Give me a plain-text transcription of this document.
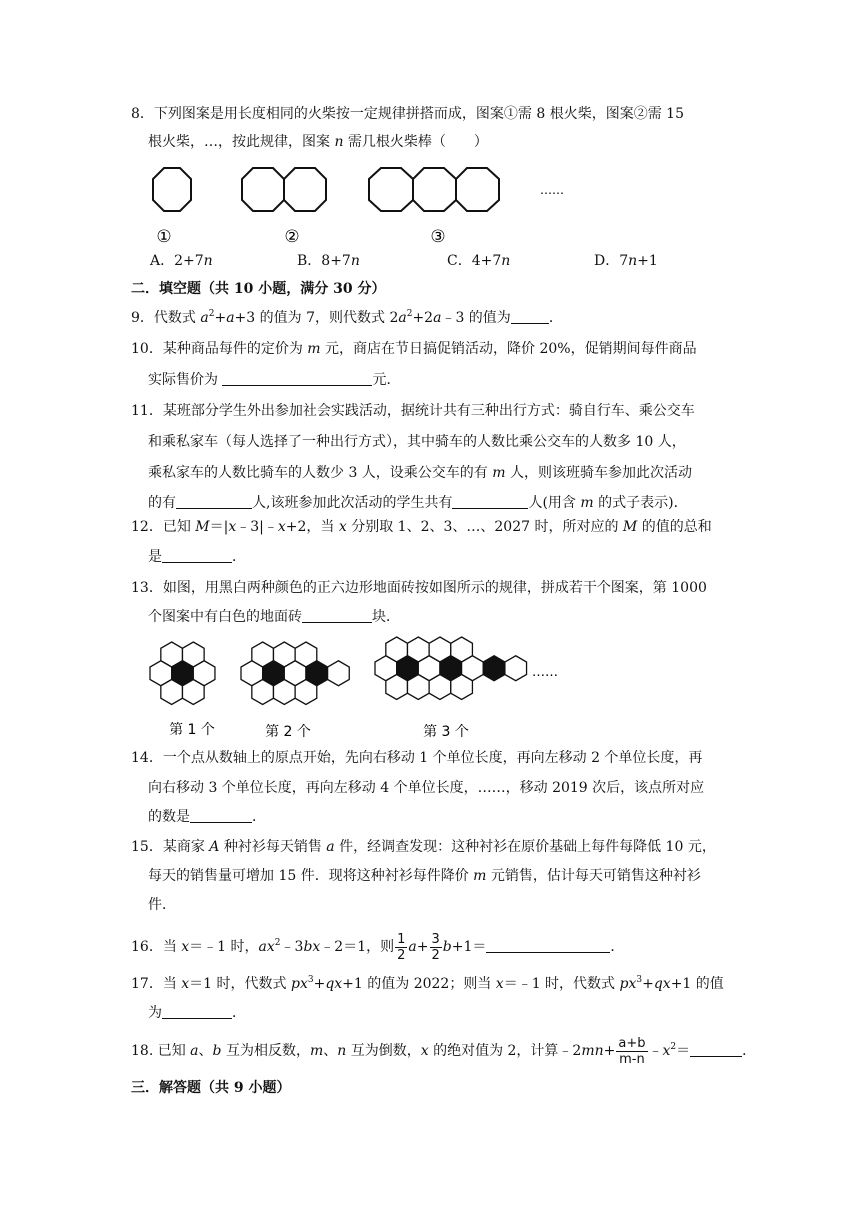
8．下列图案是用长度相同的火柴按一定规律拼搭而成，图案①需 8 根火柴，图案②需 15
根火柴，…，按此规律，图案 n 需几根火柴棒（　　）
①	②	③
……
A．2+7n	B．8+7n	C．4+7n	D．7n+1
二．填空题（共 10 小题，满分 30 分）
9．代数式 $a^2+a+3$ 的值为 7，则代数式 $2a^2+2a﹣3$ 的值为	．
10．某种商品每件的定价为 m 元，商店在节日搞促销活动，降价 20%，促销期间每件商品
实际售价为	元．
11．某班部分学生外出参加社会实践活动，据统计共有三种出行方式：骑自行车、乘公交车
和乘私家车（每人选择了一种出行方式），其中骑车的人数比乘公交车的人数多 10 人，
乘私家车的人数比骑车的人数少 3 人，设乘公交车的有 m 人，则该班骑车参加此次活动
的有	人,该班参加此次活动的学生共有	人(用含 m 的式子表示)．
12．已知 M＝|x﹣3|﹣x+2，当 x 分别取 1、2、3、…、2027 时，所对应的 M 的值的总和
是	．
13．如图，用黑白两种颜色的正六边形地面砖按如图所示的规律，拼成若干个图案，第 1000
个图案中有白色的地面砖	块．
第 1 个	第 2 个	第 3 个
……
14．一个点从数轴上的原点开始，先向右移动 1 个单位长度，再向左移动 2 个单位长度，再
向右移动 3 个单位长度，再向左移动 4 个单位长度，……，移动 2019 次后，该点所对应
的数是	．
15．某商家 A 种衬衫每天销售 a 件，经调查发现：这种衬衫在原价基础上每件每降低 10 元，
每天的销售量可增加 15 件．现将这种衬衫每件降价 m 元销售，估计每天可销售这种衬衫
件．
16．当 x＝﹣1 时，$ax^2﹣3bx﹣2=1$，则 $\frac{1}{2} a+ \frac{3}{2} b+1=$	．
17．当 x＝1 时，代数式 $px^3+qx+1$ 的值为 2022；则当 x＝﹣1 时，代数式 $px^3+qx+1$ 的值
为	．
18. 已知 a、b 互为相反数，m、n 互为倒数，x 的绝对值为 2，计算﹣2mn+ $\frac{a+b}{m-n}$ $﹣x^2=$	．
三．解答题（共 9 小题）
